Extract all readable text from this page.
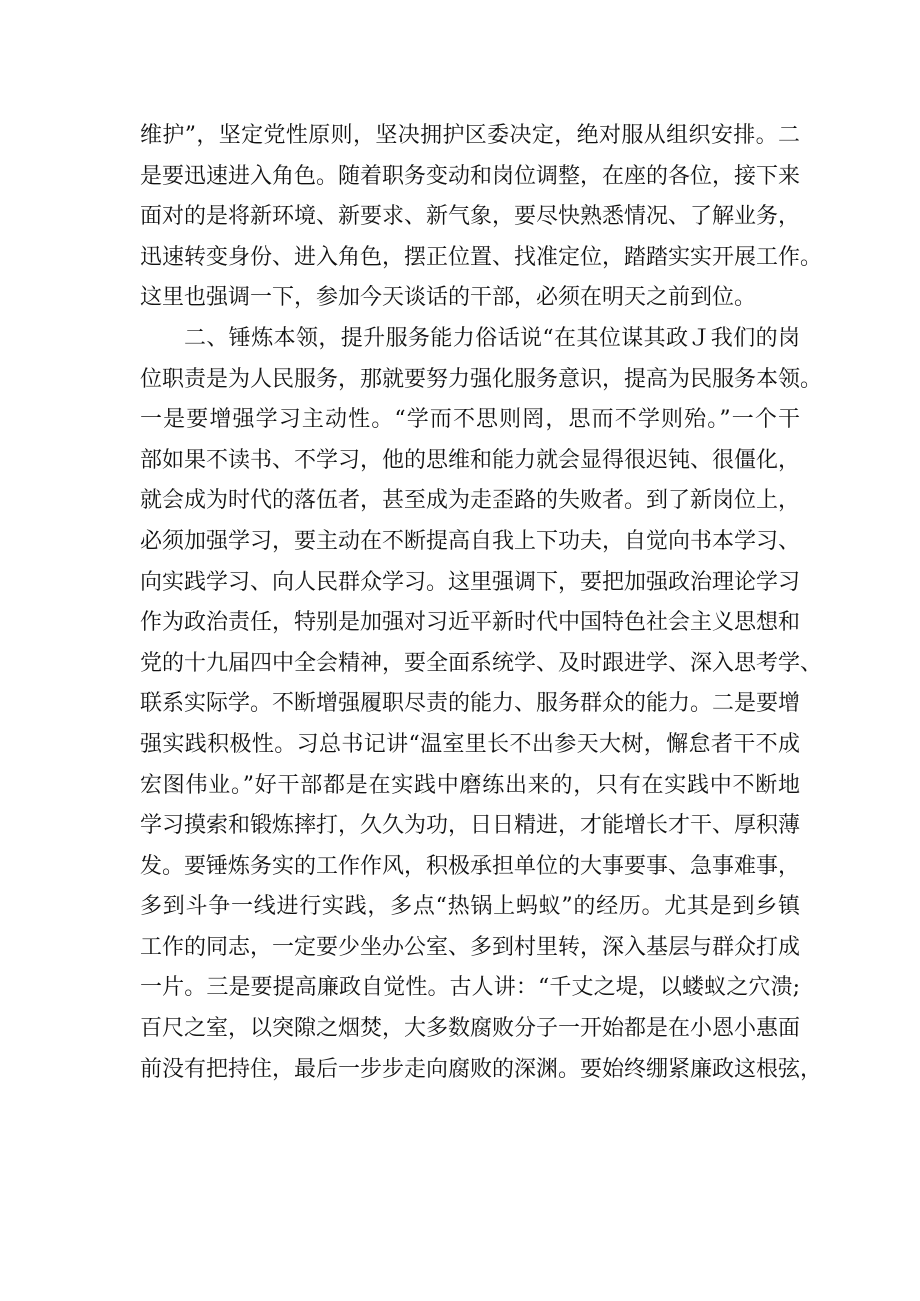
维护”，坚定党性原则，坚决拥护区委决定，绝对服从组织安排。二
是要迅速进入角色。随着职务变动和岗位调整，在座的各位，接下来
面对的是将新环境、新要求、新气象，要尽快熟悉情况、了解业务，
迅速转变身份、进入角色，摆正位置、找准定位，踏踏实实开展工作。
这里也强调一下，参加今天谈话的干部，必须在明天之前到位。
二、锤炼本领，提升服务能力俗话说“在其位谋其政Ｊ我们的岗
位职责是为人民服务，那就要努力强化服务意识，提高为民服务本领。
一是要增强学习主动性。“学而不思则罔，思而不学则殆。”一个干
部如果不读书、不学习，他的思维和能力就会显得很迟钝、很僵化，
就会成为时代的落伍者，甚至成为走歪路的失败者。到了新岗位上，
必须加强学习，要主动在不断提高自我上下功夫，自觉向书本学习、
向实践学习、向人民群众学习。这里强调下，要把加强政治理论学习
作为政治责任，特别是加强对习近平新时代中国特色社会主义思想和
党的十九届四中全会精神，要全面系统学、及时跟进学、深入思考学、
联系实际学。不断增强履职尽责的能力、服务群众的能力。二是要增
强实践积极性。习总书记讲“温室里长不出参天大树，懈怠者干不成
宏图伟业。”好干部都是在实践中磨练出来的，只有在实践中不断地
学习摸索和锻炼摔打，久久为功，日日精进，才能增长才干、厚积薄
发。要锤炼务实的工作作风，积极承担单位的大事要事、急事难事，
多到斗争一线进行实践，多点“热锅上蚂蚁”的经历。尤其是到乡镇
工作的同志，一定要少坐办公室、多到村里转，深入基层与群众打成
一片。三是要提高廉政自觉性。古人讲：“千丈之堤，以蝼蚁之穴溃;
百尺之室，以突隙之烟焚，大多数腐败分子一开始都是在小恩小惠面
前没有把持住，最后一步步走向腐败的深渊。要始终绷紧廉政这根弦，
